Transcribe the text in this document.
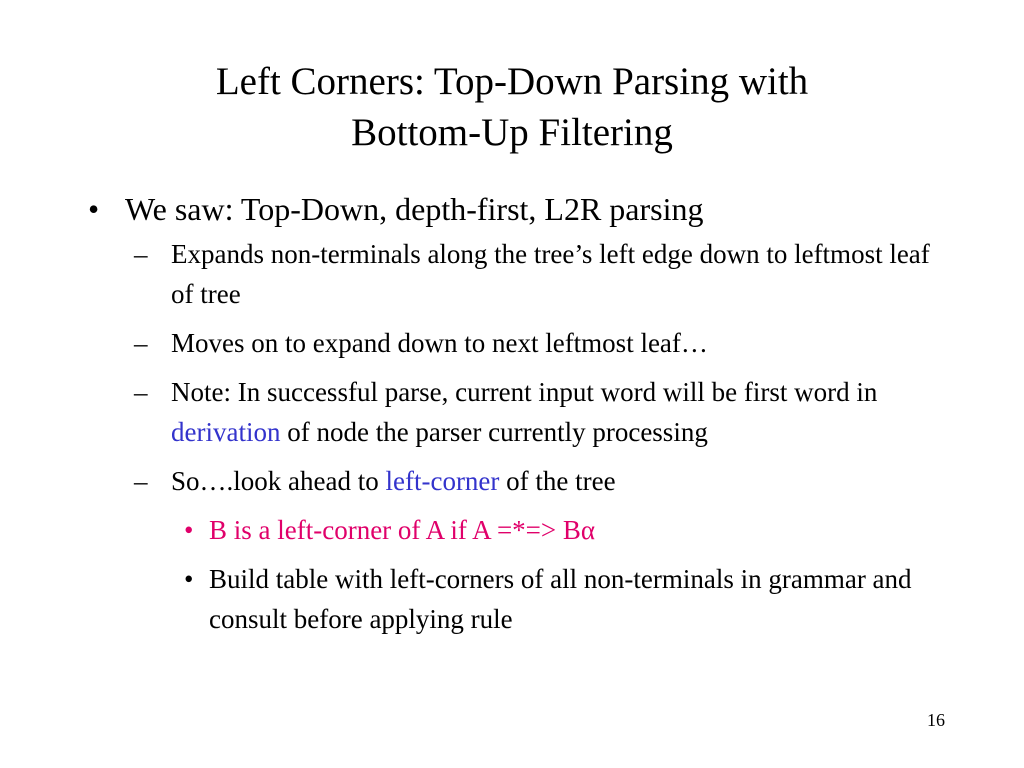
Left Corners: Top-Down Parsing with
Bottom-Up Filtering
• We saw: Top-Down, depth-first, L2R parsing
– Expands non-terminals along the tree’s left edge down to leftmost leaf of tree
– Moves on to expand down to next leftmost leaf…
– Note: In successful parse, current input word will be first word in derivation of node the parser currently processing
– So….look ahead to left-corner of the tree
• B is a left-corner of A if A =*=> Bα
• Build table with left-corners of all non-terminals in grammar and consult before applying rule
16
